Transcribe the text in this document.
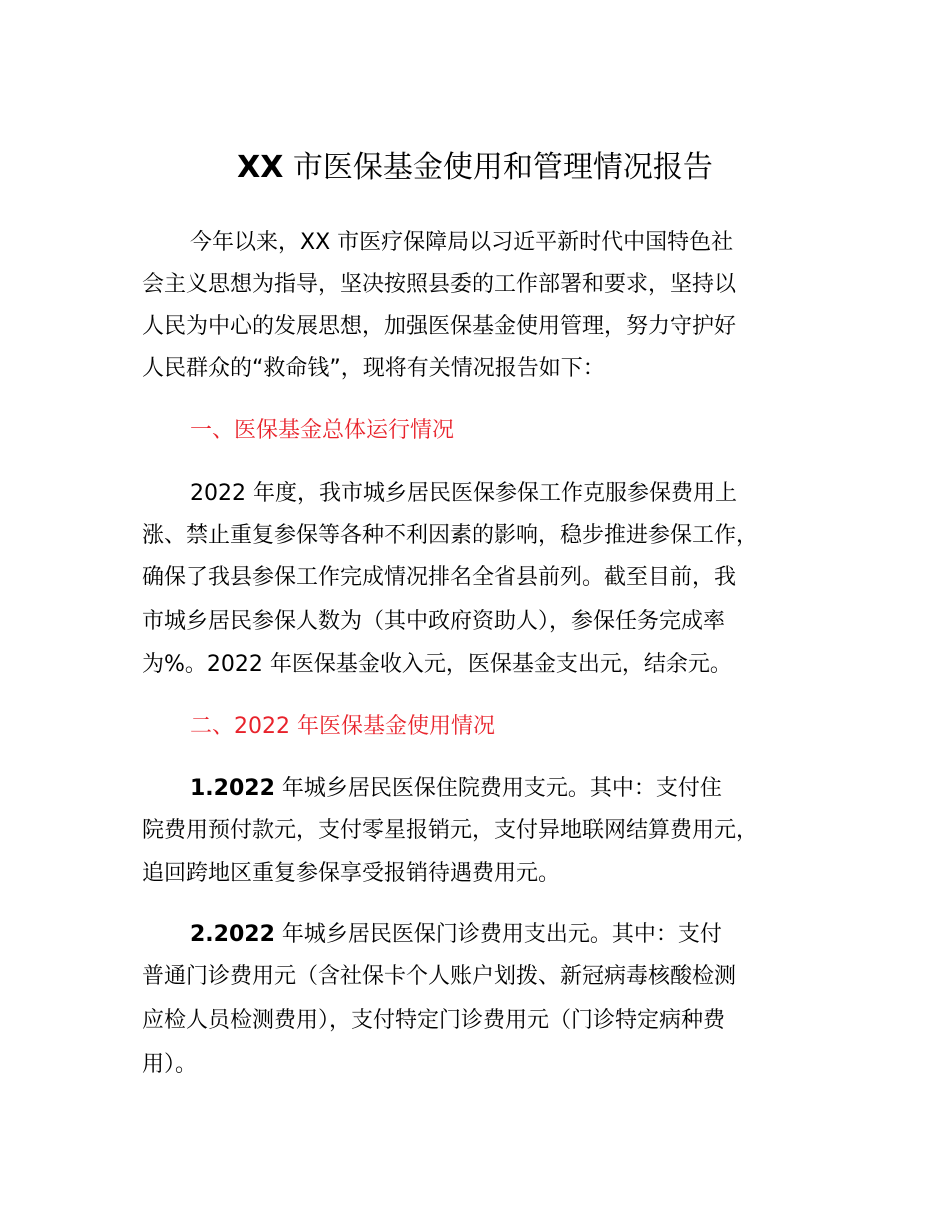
XX 市医保基金使用和管理情况报告
今年以来，XX 市医疗保障局以习近平新时代中国特色社
会主义思想为指导，坚决按照县委的工作部署和要求，坚持以
人民为中心的发展思想，加强医保基金使用管理，努力守护好
人民群众的“救命钱”，现将有关情况报告如下：
一、医保基金总体运行情况
2022 年度，我市城乡居民医保参保工作克服参保费用上
涨、禁止重复参保等各种不利因素的影响，稳步推进参保工作，
确保了我县参保工作完成情况排名全省县前列。截至目前，我
市城乡居民参保人数为（其中政府资助人），参保任务完成率
为%。2022 年医保基金收入元，医保基金支出元，结余元。
二、2022 年医保基金使用情况
1.2022 年城乡居民医保住院费用支元。其中：支付住
院费用预付款元，支付零星报销元，支付异地联网结算费用元，
追回跨地区重复参保享受报销待遇费用元。
2.2022 年城乡居民医保门诊费用支出元。其中：支付
普通门诊费用元（含社保卡个人账户划拨、新冠病毒核酸检测
应检人员检测费用），支付特定门诊费用元（门诊特定病种费
用）。
